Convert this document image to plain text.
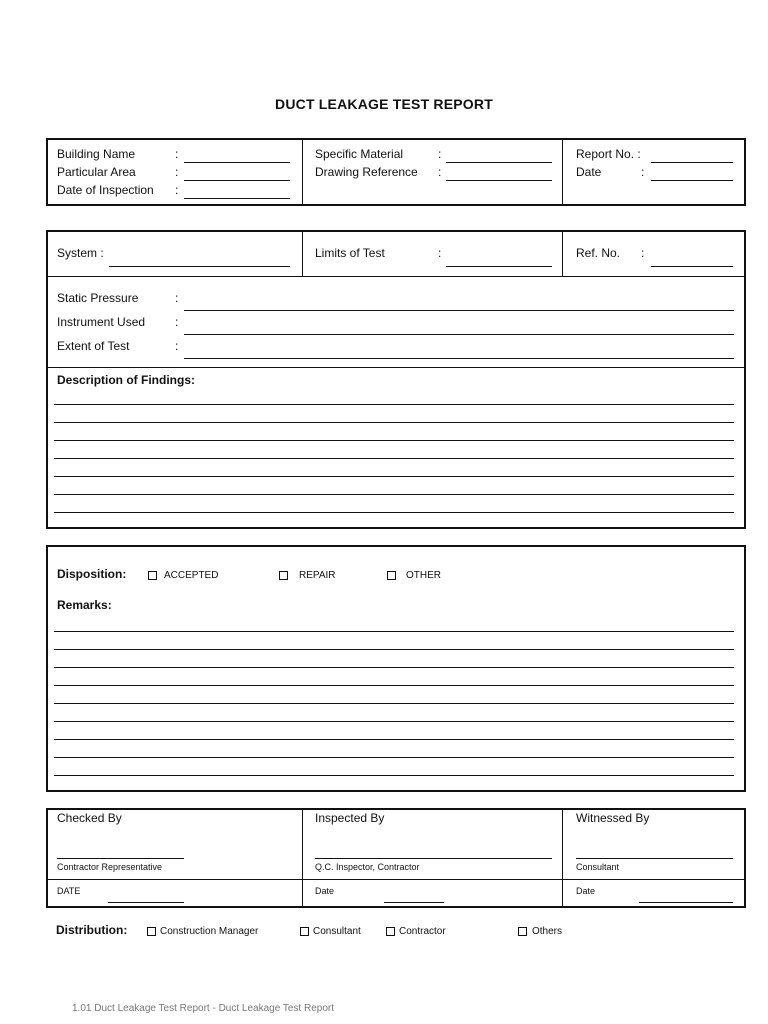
DUCT LEAKAGE TEST REPORT
Building Name	:
Particular Area	:
Date of Inspection :
Specific Material	:
Drawing Reference :
Report No. :
Date	:
System :	Limits of Test	:	Ref. No. :
Static Pressure	:
Instrument Used :
Extent of Test	:
Description of Findings:
Disposition:	ACCEPTED	REPAIR	OTHER
Remarks:
Checked By
Contractor Representative
Inspected By
Q.C. Inspector, Contractor
Witnessed By
Consultant
DATE	Date	Date
Distribution:	Construction Manager	Consultant	Contractor	Others
1.01 Duct Leakage Test Report - Duct Leakage Test Report
